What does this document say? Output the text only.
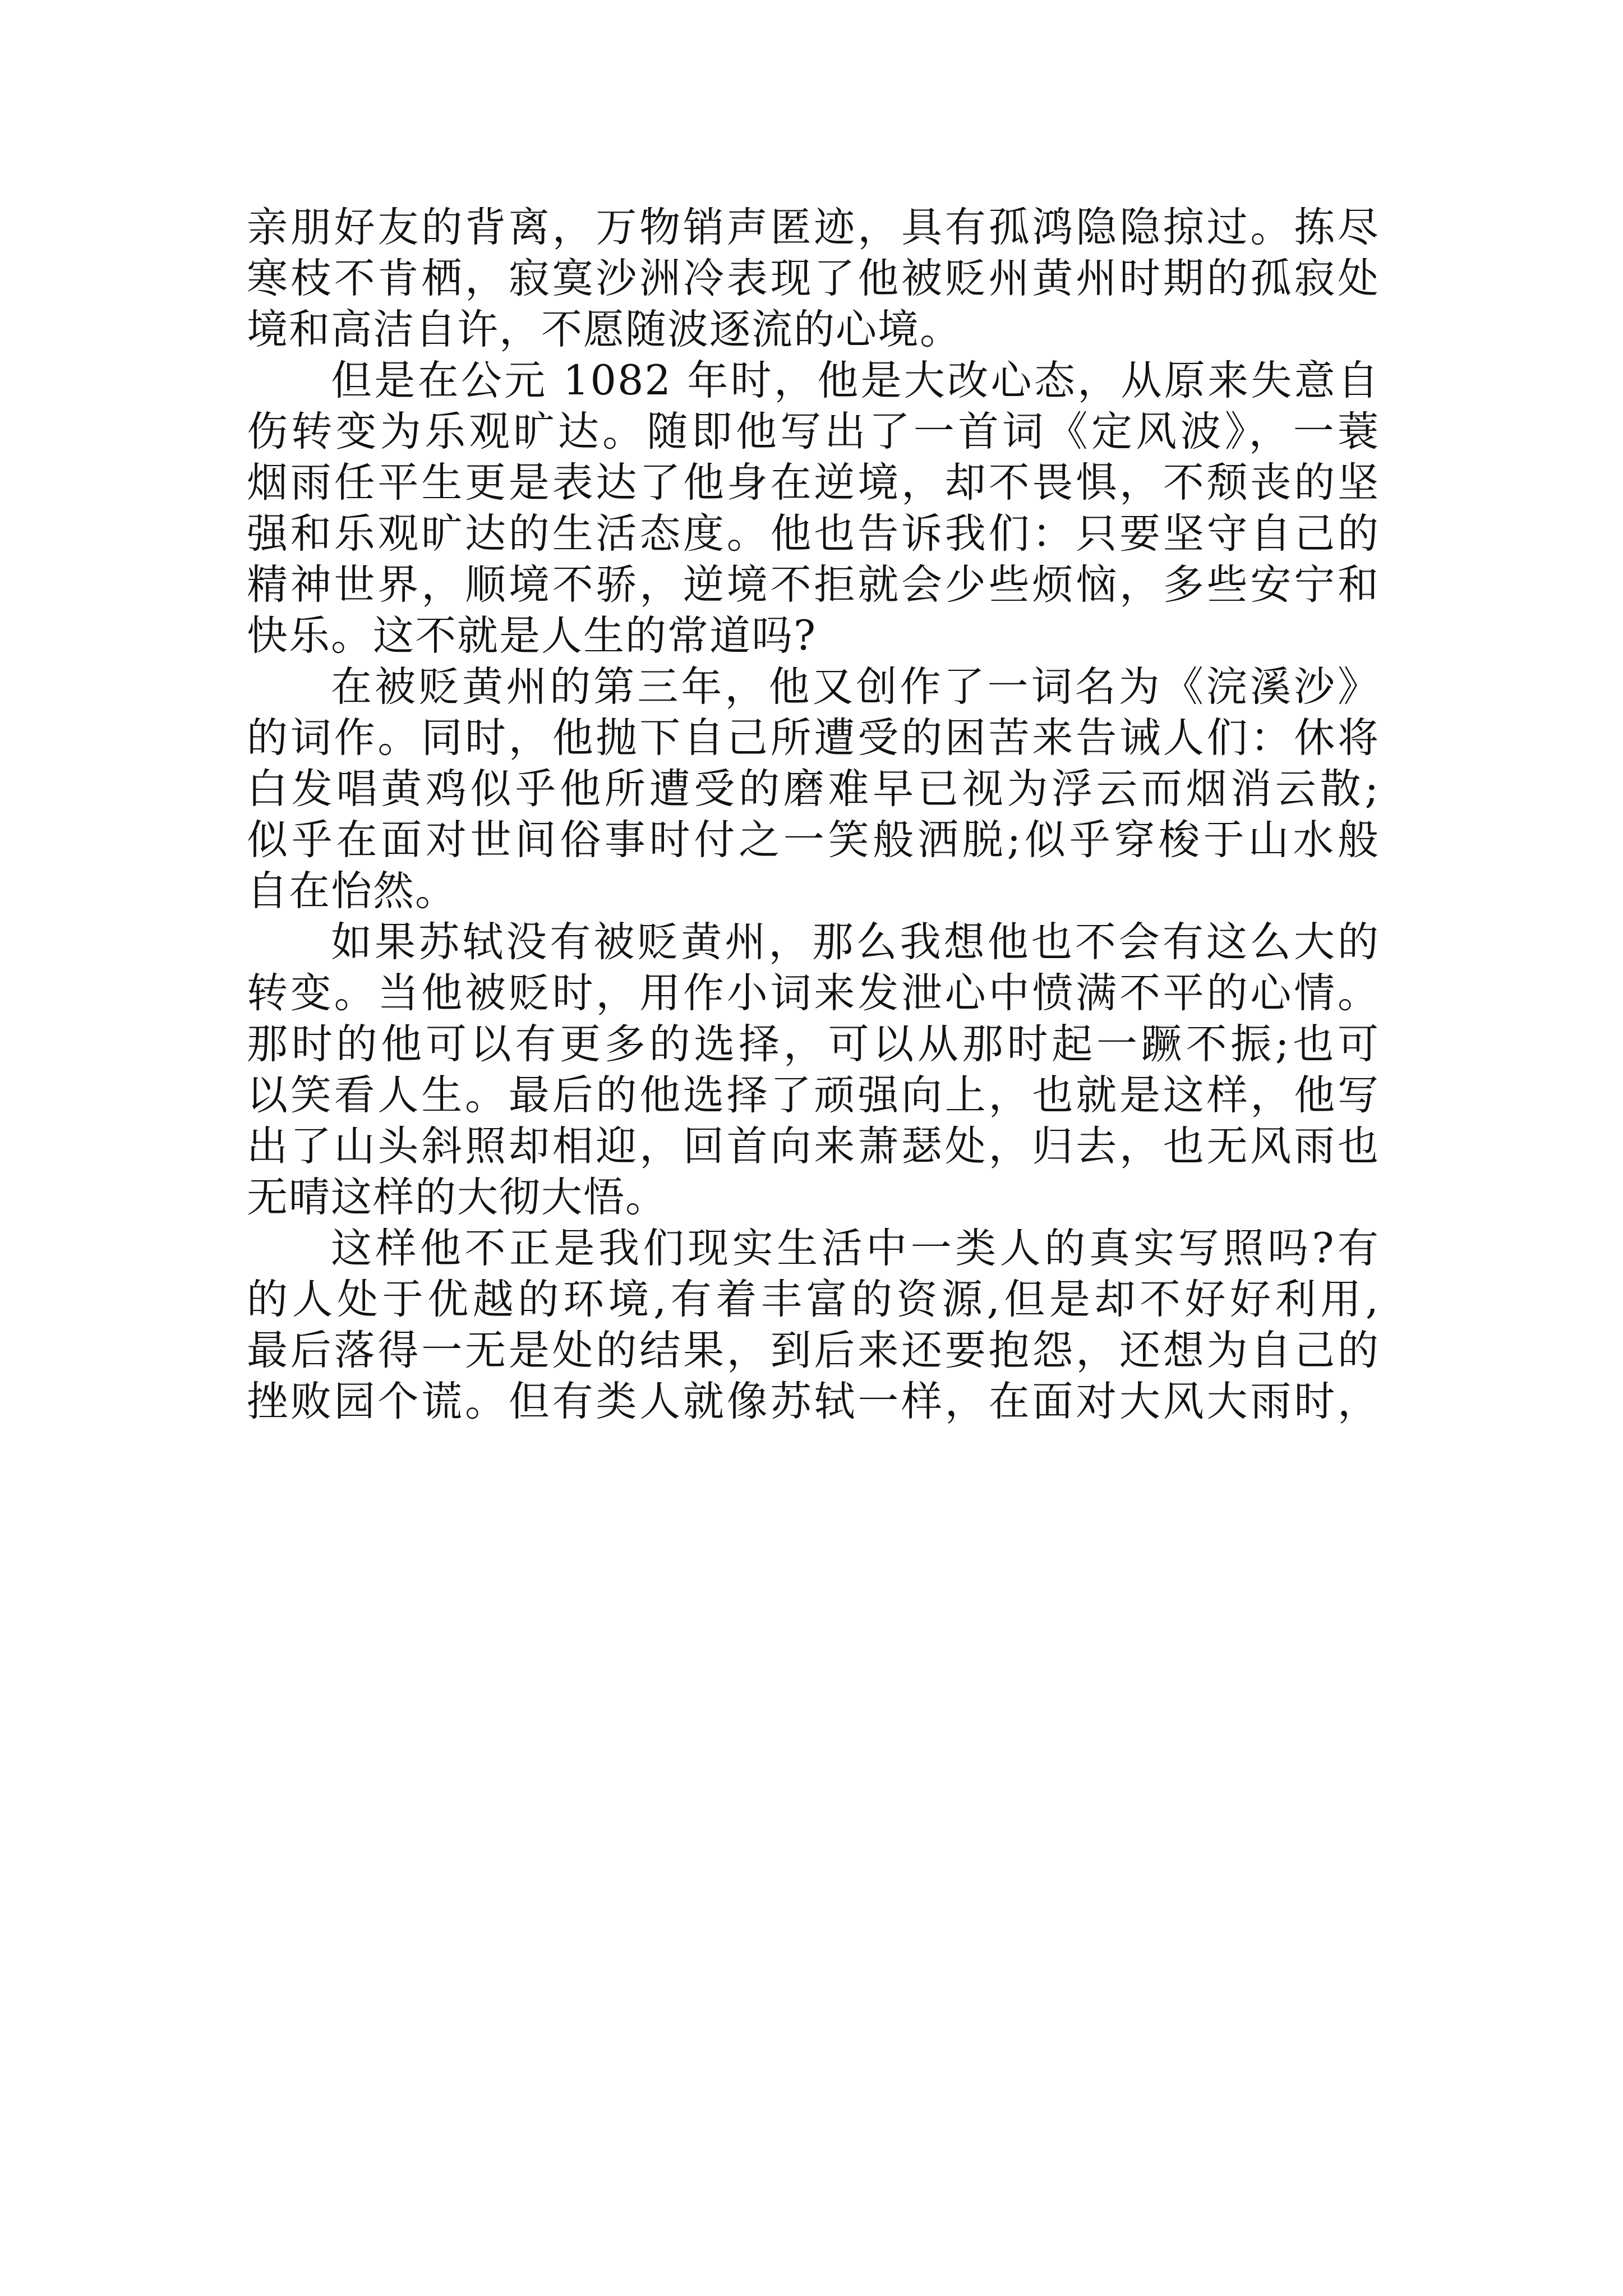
亲朋好友的背离，万物销声匿迹，具有孤鸿隐隐掠过。拣尽
寒枝不肯栖，寂寞沙洲冷表现了他被贬州黄州时期的孤寂处
境和高洁自许，不愿随波逐流的心境。
但是在公元 1082 年时，他是大改心态，从原来失意自
伤转变为乐观旷达。随即他写出了一首词《定风波》，一蓑
烟雨任平生更是表达了他身在逆境，却不畏惧，不颓丧的坚
强和乐观旷达的生活态度。他也告诉我们：只要坚守自己的
精神世界，顺境不骄，逆境不拒就会少些烦恼，多些安宁和
快乐。这不就是人生的常道吗?
在被贬黄州的第三年，他又创作了一词名为《浣溪沙》
的词作。同时，他抛下自己所遭受的困苦来告诫人们：休将
白发唱黄鸡似乎他所遭受的磨难早已视为浮云而烟消云散;
似乎在面对世间俗事时付之一笑般洒脱;似乎穿梭于山水般
自在怡然。
如果苏轼没有被贬黄州，那么我想他也不会有这么大的
转变。当他被贬时，用作小词来发泄心中愤满不平的心情。
那时的他可以有更多的选择，可以从那时起一蹶不振;也可
以笑看人生。最后的他选择了顽强向上，也就是这样，他写
出了山头斜照却相迎，回首向来萧瑟处，归去，也无风雨也
无晴这样的大彻大悟。
这样他不正是我们现实生活中一类人的真实写照吗?有
的人处于优越的环境,有着丰富的资源,但是却不好好利用,
最后落得一无是处的结果，到后来还要抱怨，还想为自己的
挫败园个谎。但有类人就像苏轼一样，在面对大风大雨时，
